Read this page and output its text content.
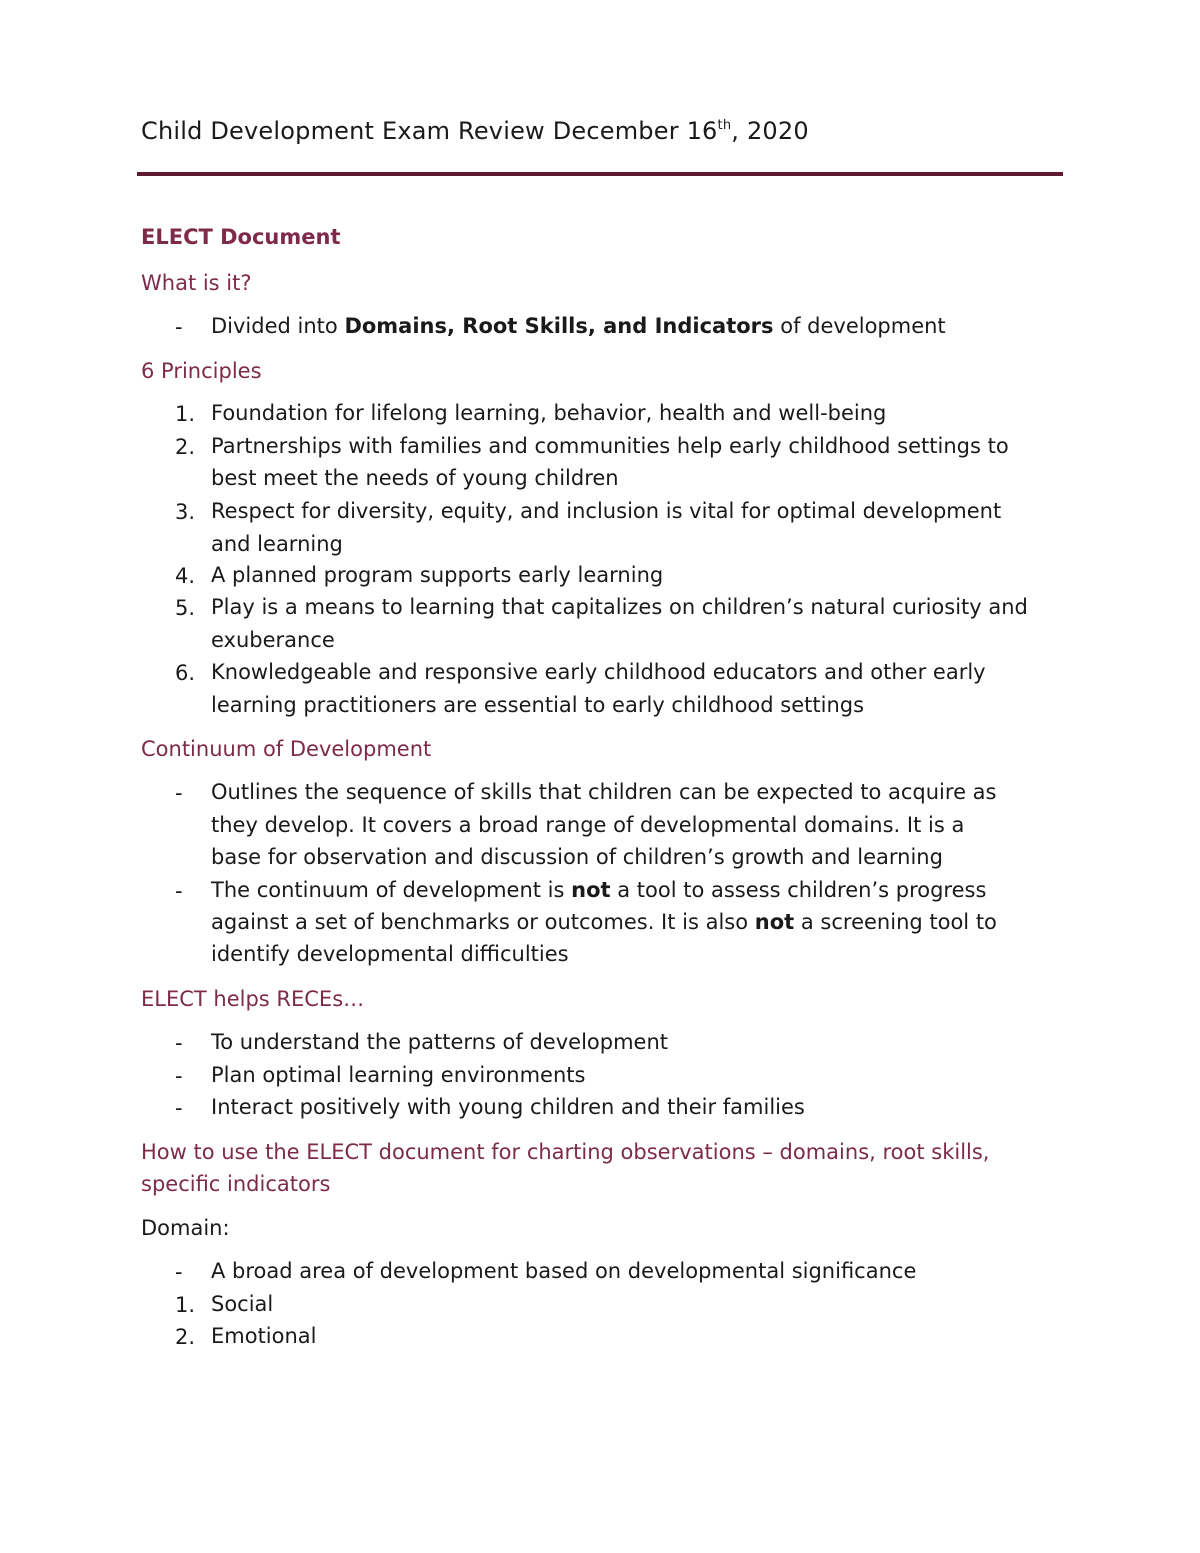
Child Development Exam Review December 16th, 2020
ELECT Document
What is it?
- Divided into Domains, Root Skills, and Indicators of development
6 Principles
1. Foundation for lifelong learning, behavior, health and well-being
2. Partnerships with families and communities help early childhood settings to
best meet the needs of young children
3. Respect for diversity, equity, and inclusion is vital for optimal development
and learning
4. A planned program supports early learning
5. Play is a means to learning that capitalizes on children’s natural curiosity and
exuberance
6. Knowledgeable and responsive early childhood educators and other early
learning practitioners are essential to early childhood settings
Continuum of Development
- Outlines the sequence of skills that children can be expected to acquire as
they develop. It covers a broad range of developmental domains. It is a
base for observation and discussion of children’s growth and learning
- The continuum of development is not a tool to assess children’s progress
against a set of benchmarks or outcomes. It is also not a screening tool to
identify developmental difficulties
ELECT helps RECEs…
- To understand the patterns of development
- Plan optimal learning environments
- Interact positively with young children and their families
How to use the ELECT document for charting observations – domains, root skills,
specific indicators
Domain:
- A broad area of development based on developmental significance
1. Social
2. Emotional
